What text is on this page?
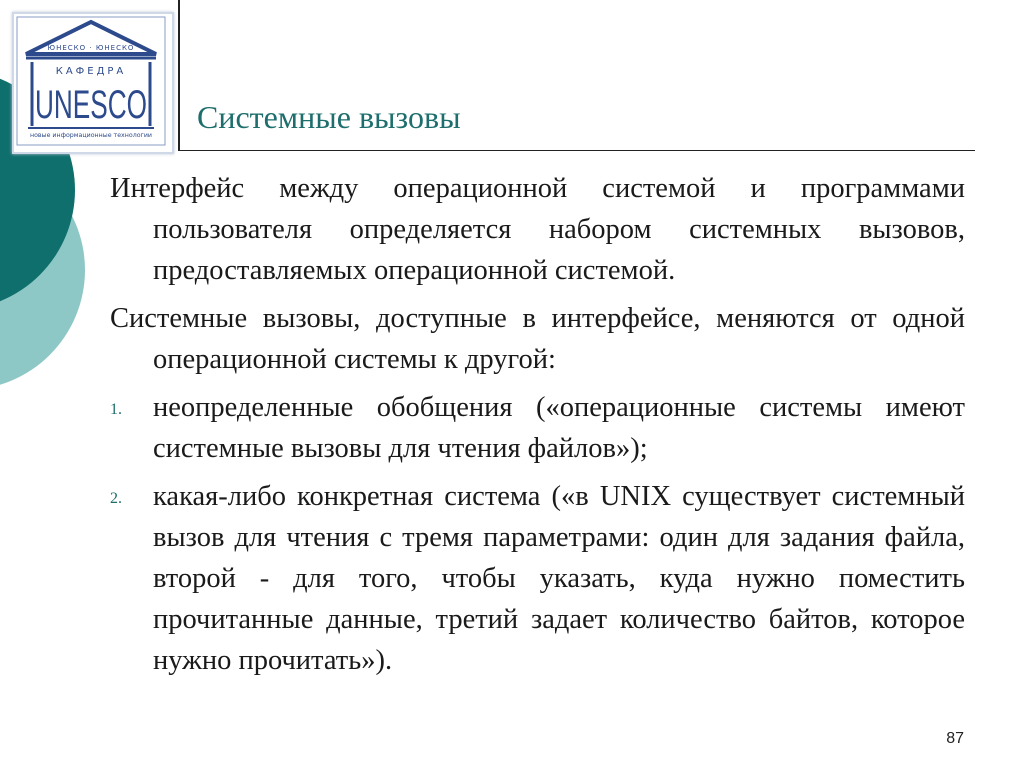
ЮНЕСКО · ЮНЕСКО
КАФЕДРА
UNESCO
новые информационные технологии
Системные вызовы

Интерфейс между операционной системой и программами пользователя определяется набором системных вызовов, предоставляемых операционной системой.

Системные вызовы, доступные в интерфейсе, меняются от одной операционной системы к другой:

1. неопределенные обобщения («операционные системы имеют системные вызовы для чтения файлов»);
2. какая-либо конкретная система («в UNIX существует системный вызов для чтения с тремя параметрами: один для задания файла, второй - для того, чтобы указать, куда нужно поместить прочитанные данные, третий задает количество байтов, которое нужно прочитать»).
87
